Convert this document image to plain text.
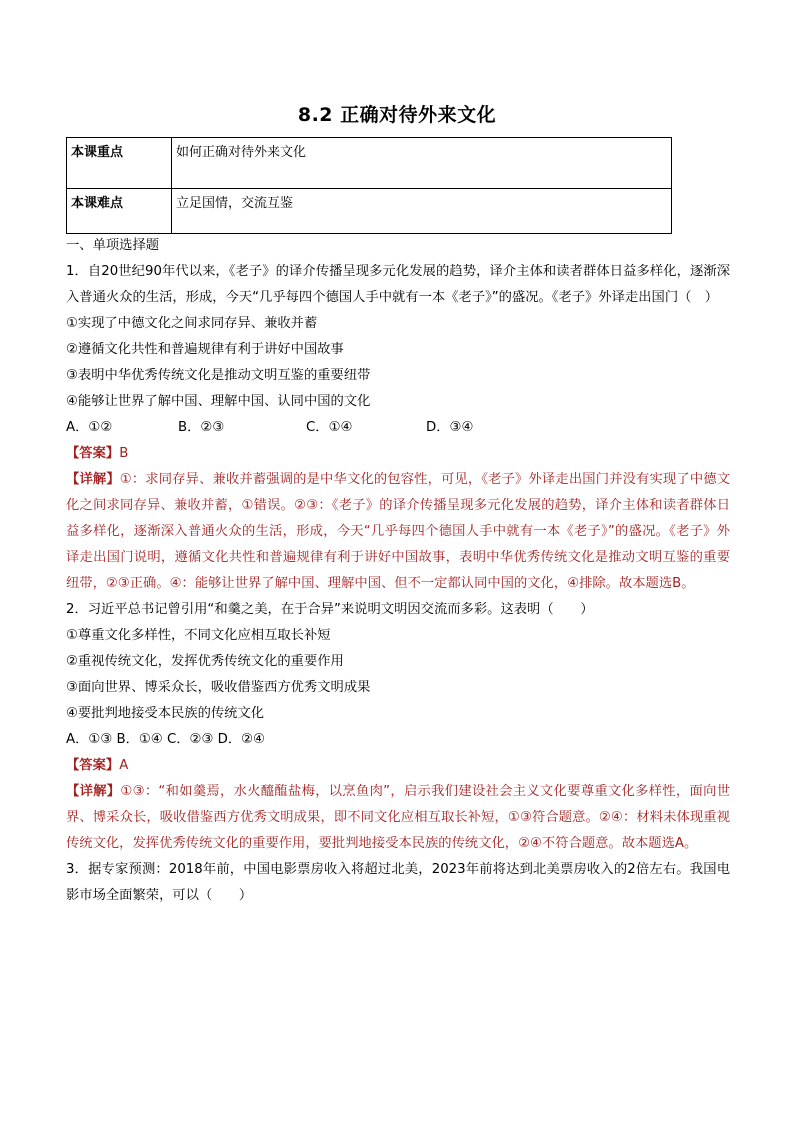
8.2 正确对待外来文化
本课重点	如何正确对待外来文化
本课难点	立足国情，交流互鉴

一、单项选择题

1．自20世纪90年代以来，《老子》的译介传播呈现多元化发展的趋势，译介主体和读者群体日益多样化，逐渐深入普通火众的生活，形成，今天“几乎每四个德国人手中就有一本《老子》”的盛况。《老子》外译走出国门（　）

①实现了中德文化之间求同存异、兼收并蓄

②遵循文化共性和普遍规律有利于讲好中国故事

③表明中华优秀传统文化是推动文明互鉴的重要纽带

④能够让世界了解中国、理解中国、认同中国的文化

A．①②	B．②③	C．①④	D．③④

【答案】B

【详解】①：求同存异、兼收并蓄强调的是中华文化的包容性，可见，《老子》外译走出国门并没有实现了中德文化之间求同存异、兼收并蓄，①错误。②③：《老子》的译介传播呈现多元化发展的趋势，译介主体和读者群体日益多样化，逐渐深入普通火众的生活，形成，今天“几乎每四个德国人手中就有一本《老子》”的盛况。《老子》外译走出国门说明，遵循文化共性和普遍规律有利于讲好中国故事，表明中华优秀传统文化是推动文明互鉴的重要纽带，②③正确。④：能够让世界了解中国、理解中国、但不一定都认同中国的文化，④排除。故本题选B。

2．习近平总书记曾引用“和羹之美，在于合异”来说明文明因交流而多彩。这表明（　　）

①尊重文化多样性，不同文化应相互取长补短

②重视传统文化，发挥优秀传统文化的重要作用

③面向世界、博采众长，吸收借鉴西方优秀文明成果

④要批判地接受本民族的传统文化

A．①③ B．①④ C．②③ D．②④

【答案】A

【详解】①③：“和如羹焉，水火醯醢盐梅，以烹鱼肉”，启示我们建设社会主义文化要尊重文化多样性，面向世界、博采众长，吸收借鉴西方优秀文明成果，即不同文化应相互取长补短，①③符合题意。②④：材料未体现重视传统文化，发挥优秀传统文化的重要作用，要批判地接受本民族的传统文化，②④不符合题意。故本题选A。

3．据专家预测：2018年前，中国电影票房收入将超过北美，2023年前将达到北美票房收入的2倍左右。我国电影市场全面繁荣，可以（　　）
